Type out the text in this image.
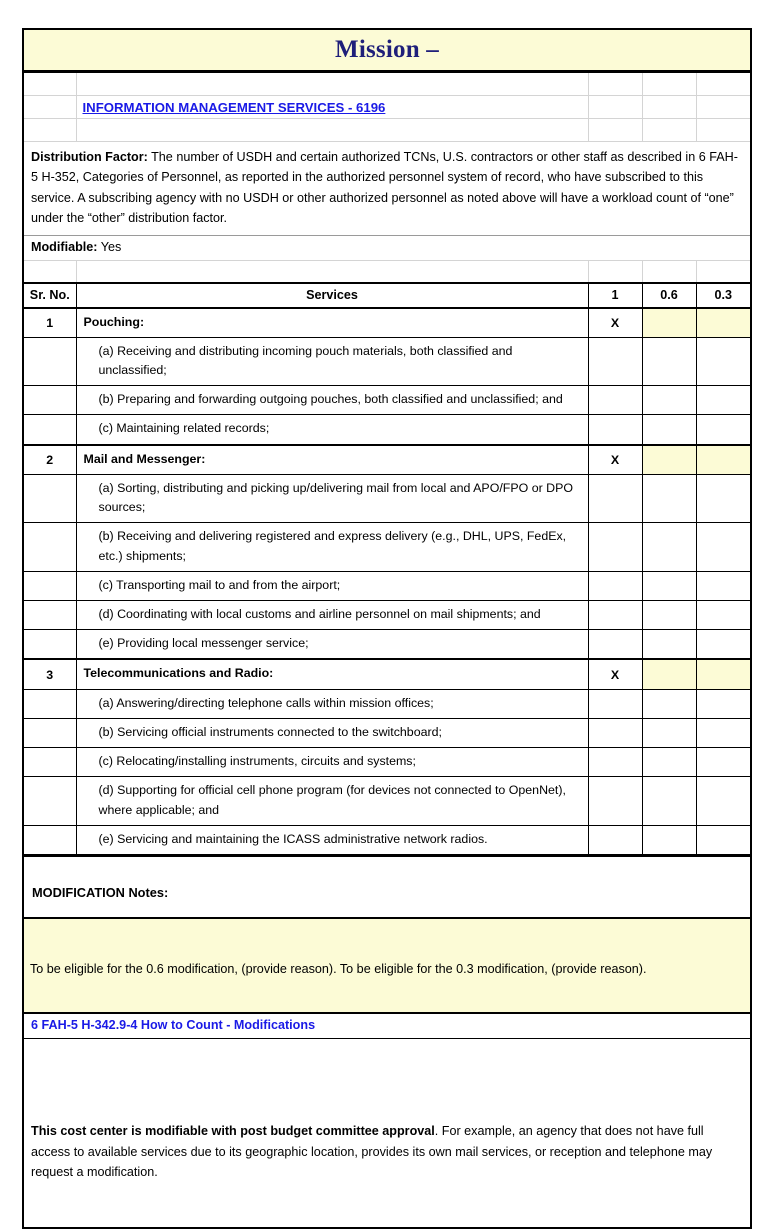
Mission –				

	INFORMATION MANAGEMENT SERVICES - 6196			

Distribution Factor: The number of USDH and certain authorized TCNs, U.S. contractors or other staff as described in 6 FAH-5 H-352, Categories of Personnel, as reported in the authorized personnel system of record, who have subscribed to this service. A subscribing agency with no USDH or other authorized personnel as noted above will have a workload count of “one” under the “other” distribution factor.				
Modifiable: Yes				

Sr. No.	Services	1	0.6	0.3
1	Pouching:	X		
	(a) Receiving and distributing incoming pouch materials, both classified and unclassified;			
	(b) Preparing and forwarding outgoing pouches, both classified and unclassified; and			
	(c) Maintaining related records;			
2	Mail and Messenger:	X		
	(a) Sorting, distributing and picking up/delivering mail from local and APO/FPO or DPO sources;			
	(b) Receiving and delivering registered and express delivery (e.g., DHL, UPS, FedEx, etc.) shipments;			
	(c) Transporting mail to and from the airport;			
	(d) Coordinating with local customs and airline personnel on mail shipments; and			
	(e) Providing local messenger service;			
3	Telecommunications and Radio:	X		
	(a) Answering/directing telephone calls within mission offices;			
	(b) Servicing official instruments connected to the switchboard;			
	(c) Relocating/installing instruments, circuits and systems;			
	(d) Supporting for official cell phone program (for devices not connected to OpenNet), where applicable; and			
	(e) Servicing and maintaining the ICASS administrative network radios.			
MODIFICATION Notes:				
To be eligible for the 0.6 modification, (provide reason). To be eligible for the 0.3 modification, (provide reason).				
6 FAH-5 H-342.9-4 How to Count - Modifications				
This cost center is modifiable with post budget committee approval. For example, an agency that does not have full access to available services due to its geographic location, provides its own mail services, or reception and telephone may request a modification.				
